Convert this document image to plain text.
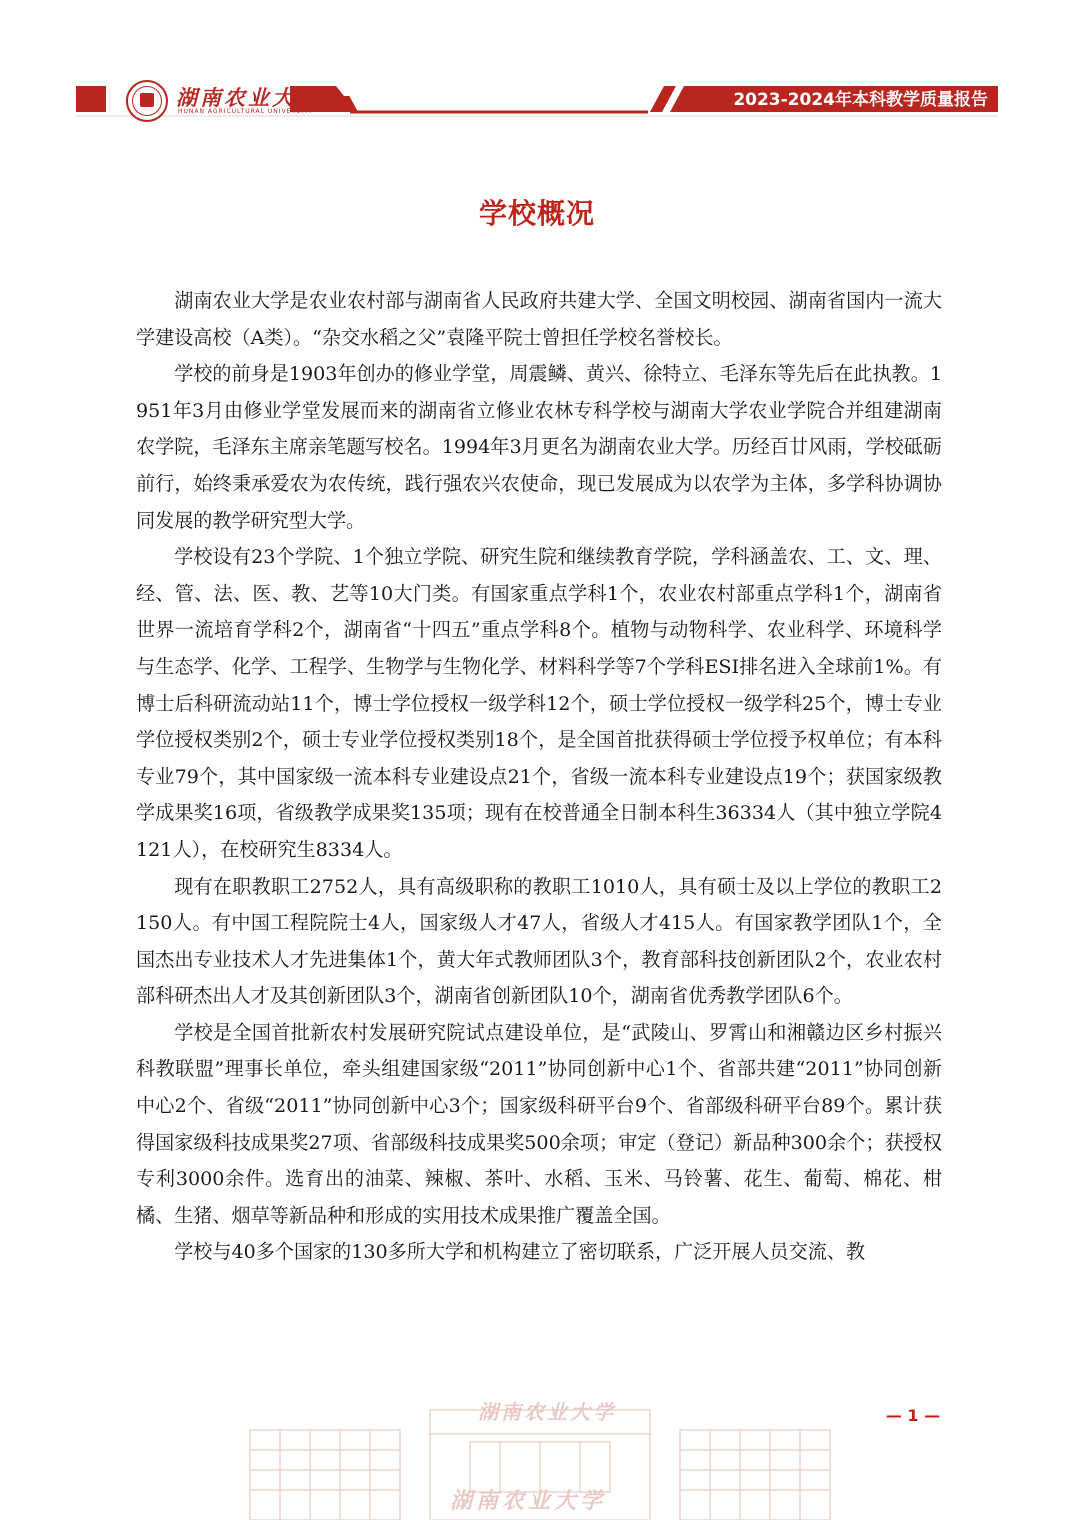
湖南农业大学
HUNAN AGRICULTURAL UNIVERSITY
2023-2024年本科教学质量报告
学校概况

湖南农业大学是农业农村部与湖南省人民政府共建大学、全国文明校园、湖南省国内一流大学建设高校（A类）。“杂交水稻之父”袁隆平院士曾担任学校名誉校长。

学校的前身是1903年创办的修业学堂，周震鳞、黄兴、徐特立、毛泽东等先后在此执教。1951年3月由修业学堂发展而来的湖南省立修业农林专科学校与湖南大学农业学院合并组建湖南农学院，毛泽东主席亲笔题写校名。1994年3月更名为湖南农业大学。历经百廿风雨，学校砥砺前行，始终秉承爱农为农传统，践行强农兴农使命，现已发展成为以农学为主体，多学科协调协同发展的教学研究型大学。

学校设有23个学院、1个独立学院、研究生院和继续教育学院，学科涵盖农、工、文、理、经、管、法、医、教、艺等10大门类。有国家重点学科1个，农业农村部重点学科1个，湖南省世界一流培育学科2个，湖南省“十四五”重点学科8个。植物与动物科学、农业科学、环境科学与生态学、化学、工程学、生物学与生物化学、材料科学等7个学科ESI排名进入全球前1%。有博士后科研流动站11个，博士学位授权一级学科12个，硕士学位授权一级学科25个，博士专业学位授权类别2个，硕士专业学位授权类别18个，是全国首批获得硕士学位授予权单位；有本科专业79个，其中国家级一流本科专业建设点21个，省级一流本科专业建设点19个；获国家级教学成果奖16项，省级教学成果奖135项；现有在校普通全日制本科生36334人（其中独立学院4121人），在校研究生8334人。

现有在职教职工2752人，具有高级职称的教职工1010人，具有硕士及以上学位的教职工2150人。有中国工程院院士4人，国家级人才47人，省级人才415人。有国家教学团队1个，全国杰出专业技术人才先进集体1个，黄大年式教师团队3个，教育部科技创新团队2个，农业农村部科研杰出人才及其创新团队3个，湖南省创新团队10个，湖南省优秀教学团队6个。

学校是全国首批新农村发展研究院试点建设单位，是“武陵山、罗霄山和湘赣边区乡村振兴科教联盟”理事长单位，牵头组建国家级“2011”协同创新中心1个、省部共建“2011”协同创新中心2个、省级“2011”协同创新中心3个；国家级科研平台9个、省部级科研平台89个。累计获得国家级科技成果奖27项、省部级科技成果奖500余项；审定（登记）新品种300余个；获授权专利3000余件。选育出的油菜、辣椒、茶叶、水稻、玉米、马铃薯、花生、葡萄、棉花、柑橘、生猪、烟草等新品种和形成的实用技术成果推广覆盖全国。

学校与40多个国家的130多所大学和机构建立了密切联系，广泛开展人员交流、教

湖南农业大学
湖南农业大学
— 1 —
